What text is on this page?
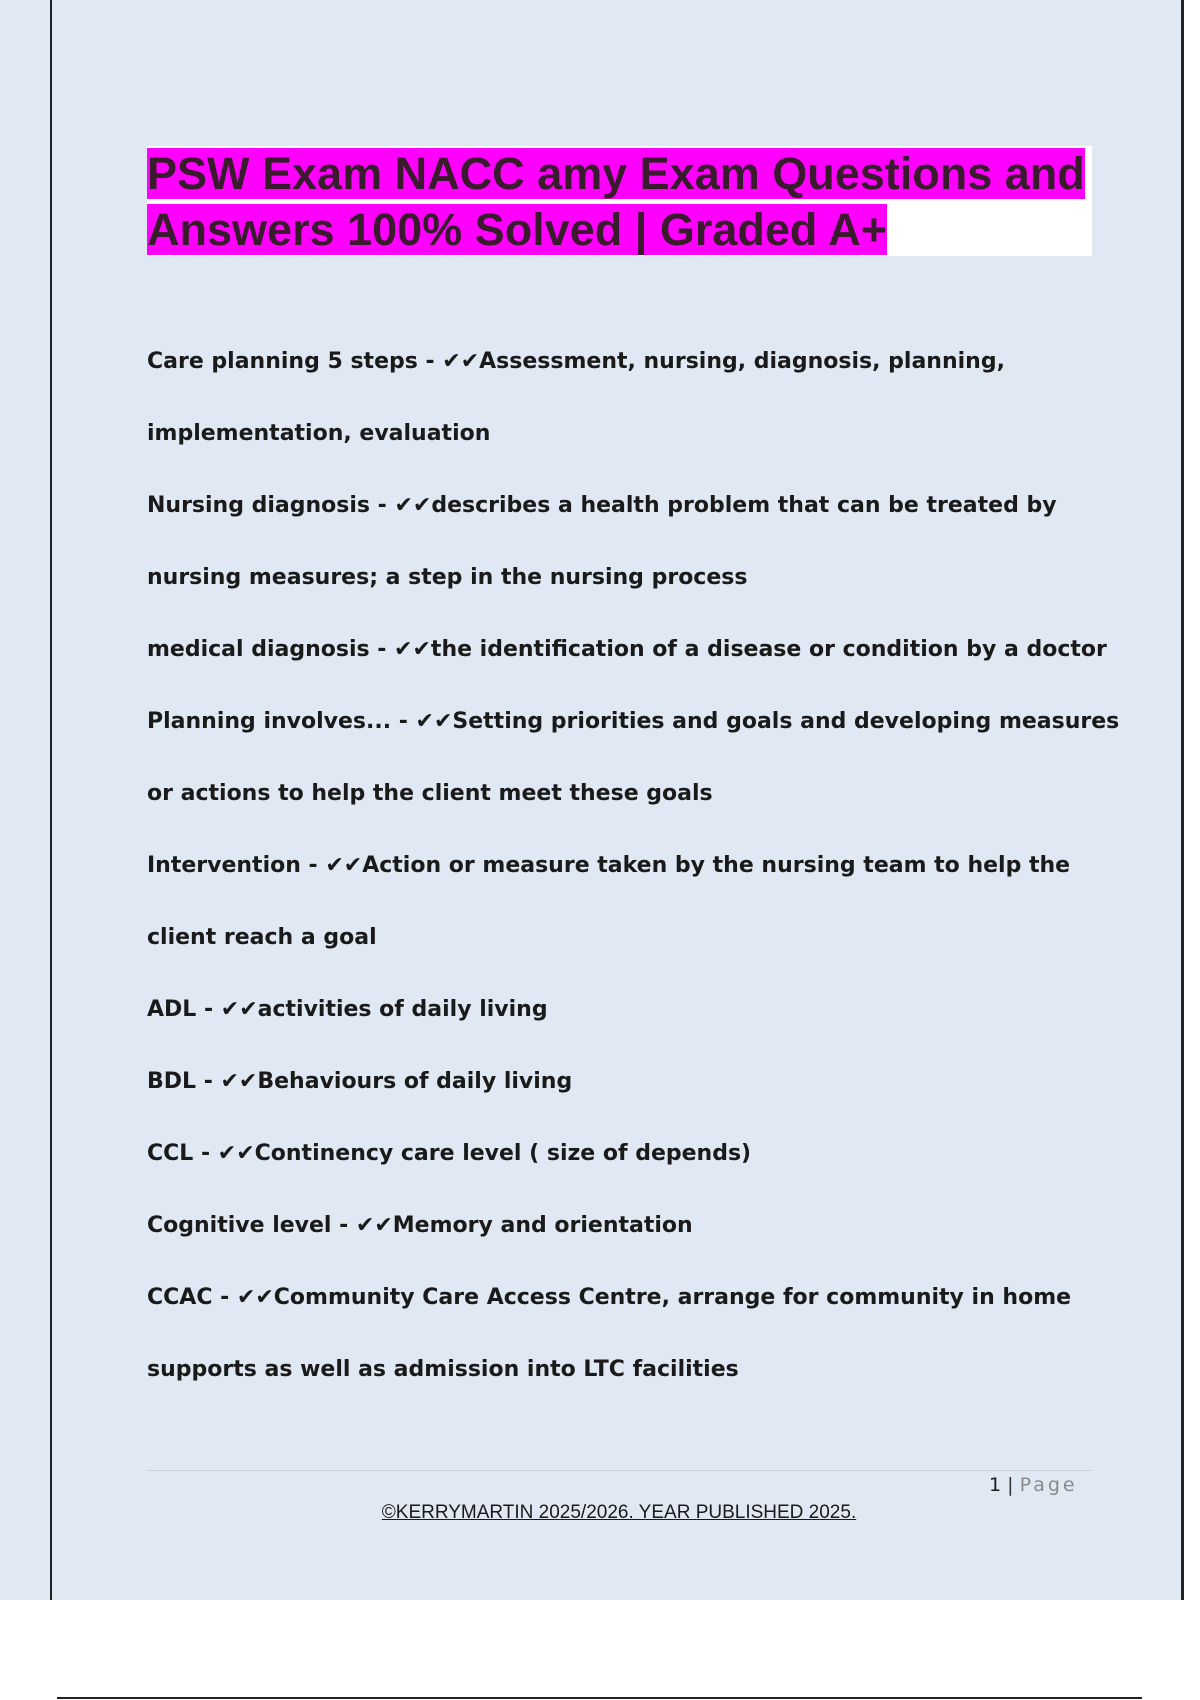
PSW Exam NACC amy Exam Questions and Answers 100% Solved | Graded A+

Care planning 5 steps - ✔✔Assessment, nursing, diagnosis, planning, implementation, evaluation

Nursing diagnosis - ✔✔describes a health problem that can be treated by nursing measures; a step in the nursing process

medical diagnosis - ✔✔the identification of a disease or condition by a doctor

Planning involves... - ✔✔Setting priorities and goals and developing measures or actions to help the client meet these goals

Intervention - ✔✔Action or measure taken by the nursing team to help the client reach a goal

ADL - ✔✔activities of daily living

BDL - ✔✔Behaviours of daily living

CCL - ✔✔Continency care level ( size of depends)

Cognitive level - ✔✔Memory and orientation

CCAC - ✔✔Community Care Access Centre, arrange for community in home supports as well as admission into LTC facilities

1 | Page
©KERRYMARTIN 2025/2026. YEAR PUBLISHED 2025.
